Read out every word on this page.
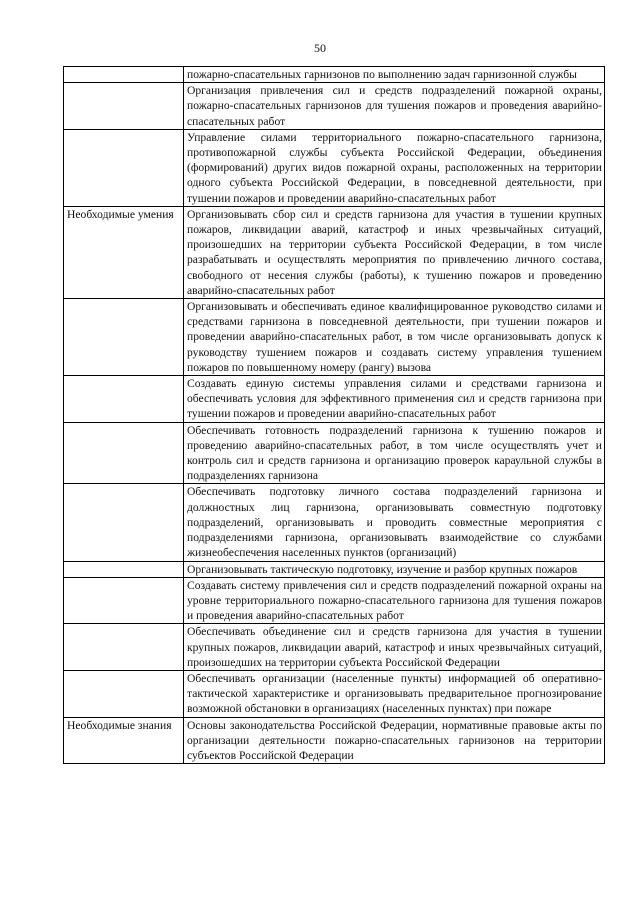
50
	пожарно-спасательных гарнизонов по выполнению задач гарнизонной службы
	Организация привлечения сил и средств подразделений пожарной охраны, пожарно-спасательных гарнизонов для тушения пожаров и проведения аварийно-спасательных работ
	Управление силами территориального пожарно-спасательного гарнизона, противопожарной службы субъекта Российской Федерации, объединения (формирований) других видов пожарной охраны, расположенных на территории одного субъекта Российской Федерации, в повседневной деятельности, при тушении пожаров и проведении аварийно-спасательных работ
Необходимые умения	Организовывать сбор сил и средств гарнизона для участия в тушении крупных пожаров, ликвидации аварий, катастроф и иных чрезвычайных ситуаций, произошедших на территории субъекта Российской Федерации, в том числе разрабатывать и осуществлять мероприятия по привлечению личного состава, свободного от несения службы (работы), к тушению пожаров и проведению аварийно-спасательных работ
	Организовывать и обеспечивать единое квалифицированное руководство силами и средствами гарнизона в повседневной деятельности, при тушении пожаров и проведении аварийно-спасательных работ, в том числе организовывать допуск к руководству тушением пожаров и создавать систему управления тушением пожаров по повышенному номеру (рангу) вызова
	Создавать единую системы управления силами и средствами гарнизона и обеспечивать условия для эффективного применения сил и средств гарнизона при тушении пожаров и проведении аварийно-спасательных работ
	Обеспечивать готовность подразделений гарнизона к тушению пожаров и проведению аварийно-спасательных работ, в том числе осуществлять учет и контроль сил и средств гарнизона и организацию проверок караульной службы в подразделениях гарнизона
	Обеспечивать подготовку личного состава подразделений гарнизона и должностных лиц гарнизона, организовывать совместную подготовку подразделений, организовывать и проводить совместные мероприятия с подразделениями гарнизона, организовывать взаимодействие со службами жизнеобеспечения населенных пунктов (организаций)
	Организовывать тактическую подготовку, изучение и разбор крупных пожаров
	Создавать систему привлечения сил и средств подразделений пожарной охраны на уровне территориального пожарно-спасательного гарнизона для тушения пожаров и проведения аварийно-спасательных работ
	Обеспечивать объединение сил и средств гарнизона для участия в тушении крупных пожаров, ликвидации аварий, катастроф и иных чрезвычайных ситуаций, произошедших на территории субъекта Российской Федерации
	Обеспечивать организации (населенные пункты) информацией об оперативно-тактической характеристике и организовывать предварительное прогнозирование возможной обстановки в организациях (населенных пунктах) при пожаре
Необходимые знания	Основы законодательства Российской Федерации, нормативные правовые акты по организации деятельности пожарно-спасательных гарнизонов на территории субъектов Российской Федерации
